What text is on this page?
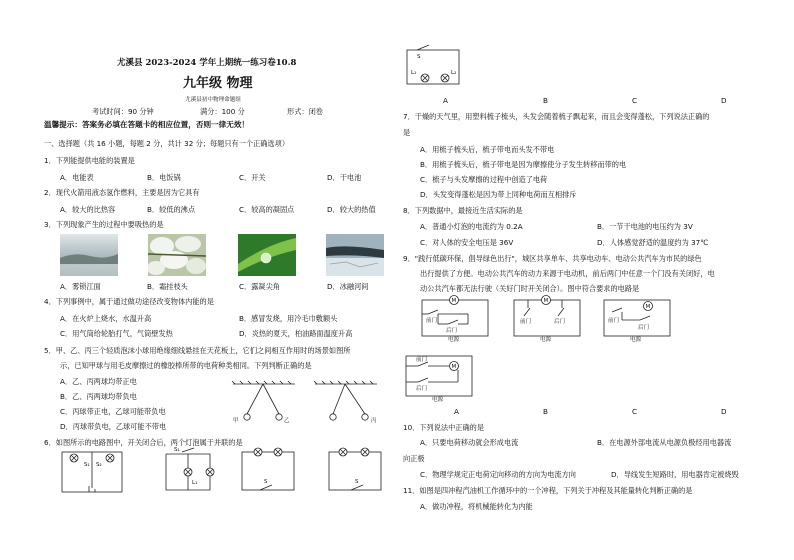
尤溪县 2023-2024 学年上期统一练习卷10.8
九年级 物理
尤溪县初中物理命题组
考试时间：90 分钟	满分：100 分	形式：闭卷
温馨提示：答案务必填在答题卡的相应位置，否则一律无效！
一、选择题（共 16 小题，每题 2 分，共计 32 分；每题只有一个正确选项）
1．下列能提供电能的装置是
A．电能表	B．电饭锅	C．开关	D．干电池
2．现代火箭用液态氢作燃料，主要是因为它具有
A．较大的比热容	B．较低的沸点	C．较高的凝固点	D．较大的热值
3．下列现象产生的过程中要吸热的是
A．雾锁江面	B．霜挂枝头	C．露凝尖角	D．冰融河间
4．下列事例中，属于通过做功途径改变物体内能的是
A．在火炉上烧水，水温升高	B．感冒发烧，用冷毛巾敷额头
C．用气筒给轮胎打气，气筒壁发热	D．炎热的夏天，柏油路面温度升高
5．甲、乙、丙三个轻质泡沫小球用绝缘细线悬挂在天花板上，它们之间相互作用时的场景如图所
示，已知甲球与用毛皮摩擦过的橡胶棒所带的电荷种类相同。下列判断正确的是
A．乙、丙两球均带正电
B．乙、丙两球均带负电
C．丙球带正电，乙球可能带负电
D．丙球带负电，乙球可能不带电
甲	乙	丙
6．如图所示的电路图中，开关闭合后，两个灯泡属于并联的是
S₁ S₂
S₁
L₁	S	S
S
L₁	L₂
A	B	C	D
7．干燥的天气里，用塑料梳子梳头，头发会随着梳子飘起来，而且会变得蓬松，下列说法正确的
是
A．用梳子梳头后，梳子带电而头发不带电
B．用梳子梳头后，梳子带电是因为摩擦使分子发生转移而带的电
C．梳子与头发摩擦的过程中创造了电荷
D．头发变得蓬松是因为带上同种电荷而互相排斥
8．下列数据中，最接近生活实际的是
A．普通小灯泡的电流约为 0.2A	B．一节干电池的电压约为 3V
C．对人体的安全电压是 36V	D．人体感觉舒适的温度约为 37℃
9．"践行低碳环保，倡导绿色出行"，城区共享单车、共享电动车、电动公共汽车为市民的绿色
出行提供了方便。电动公共汽车的动力来源于电动机，前后两门中任意一个门没有关闭好，电
动公共汽车都无法行驶（关好门时开关闭合）。图中符合要求的电路是
M
前门
后门
电源
M
前门	后门
电源
M
前门
后门
电源
M
前门
后门
电源
A	B	C	D
10．下列说法中正确的是
A．只要电荷移动就会形成电流	B．在电源外部电流从电源负极经用电器流
向正极
C．物理学规定正电荷定向移动的方向为电流方向	D．导线发生短路时，用电器肯定被烧毁
11．如图是四冲程汽油机工作循环中的一个冲程，下列关于冲程及其能量转化判断正确的是
A．做功冲程，将机械能转化为内能
